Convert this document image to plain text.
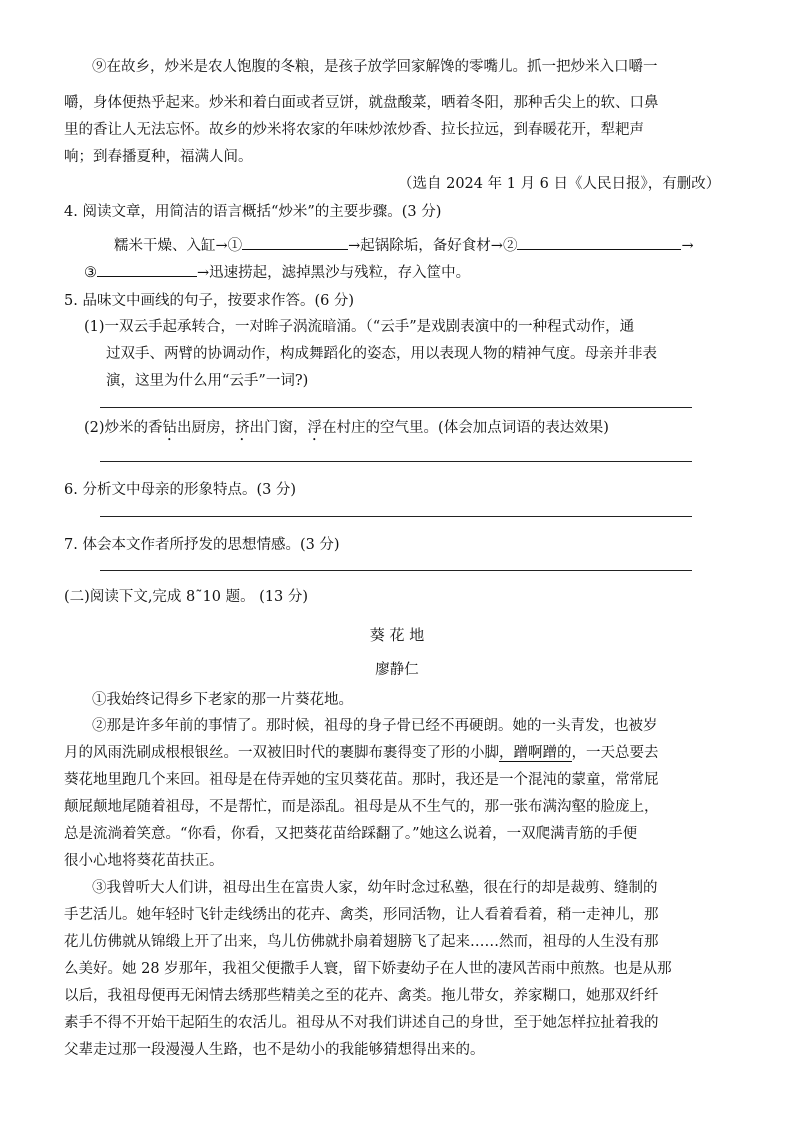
⑨在故乡，炒米是农人饱腹的冬粮，是孩子放学回家解馋的零嘴儿。抓一把炒米入口嚼一
嚼，身体便热乎起来。炒米和着白面或者豆饼，就盘酸菜，晒着冬阳，那种舌尖上的软、口鼻
里的香让人无法忘怀。故乡的炒米将农家的年味炒浓炒香、拉长拉远，到春暖花开，犁耙声
响；到春播夏种，福满人间。
（选自 2024 年 1 月 6 日《人民日报》，有删改）
4. 阅读文章，用简洁的语言概括“炒米”的主要步骤。(3 分)
糯米干燥、入缸→①	→起锅除垢，备好食材→②	→
③	→迅速捞起，滤掉黑沙与残粒，存入筐中。
5. 品味文中画线的句子，按要求作答。(6 分)
(1)一双云手起承转合，一对眸子涡流暗涌。（“云手”是戏剧表演中的一种程式动作，通
过双手、两臂的协调动作，构成舞蹈化的姿态，用以表现人物的精神气度。母亲并非表
演，这里为什么用“云手”一词?)
(2)炒米的香钻出厨房，挤出门窗，浮在村庄的空气里。(体会加点词语的表达效果)
6. 分析文中母亲的形象特点。(3 分)
7. 体会本文作者所抒发的思想情感。(3 分)
(二)阅读下文,完成 8˜10 题。 (13 分)
葵 花 地
廖静仁
①我始终记得乡下老家的那一片葵花地。
②那是许多年前的事情了。那时候，祖母的身子骨已经不再硬朗。她的一头青发，也被岁
月的风雨洗刷成根根银丝。一双被旧时代的裹脚布裹得变了形的小脚，蹭啊蹭的，一天总要去
葵花地里跑几个来回。祖母是在侍弄她的宝贝葵花苗。那时，我还是一个混沌的蒙童，常常屁
颠屁颠地尾随着祖母，不是帮忙，而是添乱。祖母是从不生气的，那一张布满沟壑的脸庞上，
总是流淌着笑意。“你看，你看，又把葵花苗给踩翻了。”她这么说着，一双爬满青筋的手便
很小心地将葵花苗扶正。
③我曾听大人们讲，祖母出生在富贵人家，幼年时念过私塾，很在行的却是裁剪、缝制的
手艺活儿。她年轻时飞针走线绣出的花卉、禽类，形同活物，让人看着看着，稍一走神儿，那
花儿仿佛就从锦缎上开了出来，鸟儿仿佛就扑扇着翅膀飞了起来……然而，祖母的人生没有那
么美好。她 28 岁那年，我祖父便撒手人寰，留下娇妻幼子在人世的凄风苦雨中煎熬。也是从那
以后，我祖母便再无闲情去绣那些精美之至的花卉、禽类。拖儿带女，养家糊口，她那双纤纤
素手不得不开始干起陌生的农活儿。祖母从不对我们讲述自己的身世，至于她怎样拉扯着我的
父辈走过那一段漫漫人生路，也不是幼小的我能够猜想得出来的。
